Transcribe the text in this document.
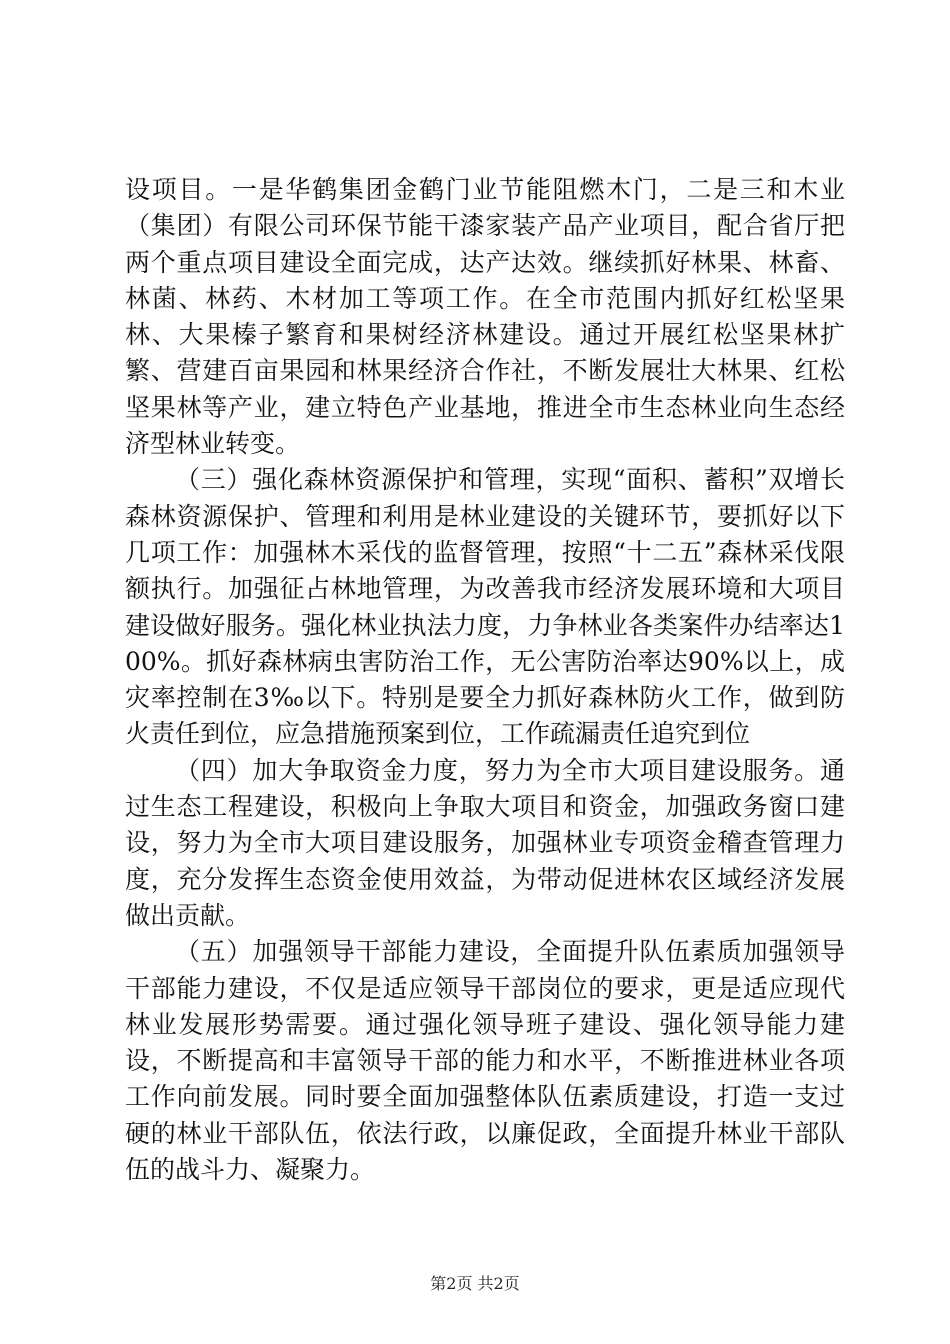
设项目。一是华鹤集团金鹤门业节能阻燃木门，二是三和木业（集团）有限公司环保节能干漆家装产品产业项目，配合省厅把两个重点项目建设全面完成，达产达效。继续抓好林果、林畜、林菌、林药、木材加工等项工作。在全市范围内抓好红松坚果林、大果榛子繁育和果树经济林建设。通过开展红松坚果林扩繁、营建百亩果园和林果经济合作社，不断发展壮大林果、红松坚果林等产业，建立特色产业基地，推进全市生态林业向生态经济型林业转变。

（三）强化森林资源保护和管理，实现“面积、蓄积”双增长森林资源保护、管理和利用是林业建设的关键环节，要抓好以下几项工作：加强林木采伐的监督管理，按照“十二五”森林采伐限额执行。加强征占林地管理，为改善我市经济发展环境和大项目建设做好服务。强化林业执法力度，力争林业各类案件办结率达100%。抓好森林病虫害防治工作，无公害防治率达90%以上，成灾率控制在3‰以下。特别是要全力抓好森林防火工作，做到防火责任到位，应急措施预案到位，工作疏漏责任追究到位

（四）加大争取资金力度，努力为全市大项目建设服务。通过生态工程建设，积极向上争取大项目和资金，加强政务窗口建设，努力为全市大项目建设服务，加强林业专项资金稽查管理力度，充分发挥生态资金使用效益，为带动促进林农区域经济发展做出贡献。

（五）加强领导干部能力建设，全面提升队伍素质加强领导干部能力建设，不仅是适应领导干部岗位的要求，更是适应现代林业发展形势需要。通过强化领导班子建设、强化领导能力建设，不断提高和丰富领导干部的能力和水平，不断推进林业各项工作向前发展。同时要全面加强整体队伍素质建设，打造一支过硬的林业干部队伍，依法行政，以廉促政，全面提升林业干部队伍的战斗力、凝聚力。

第2页 共2页
